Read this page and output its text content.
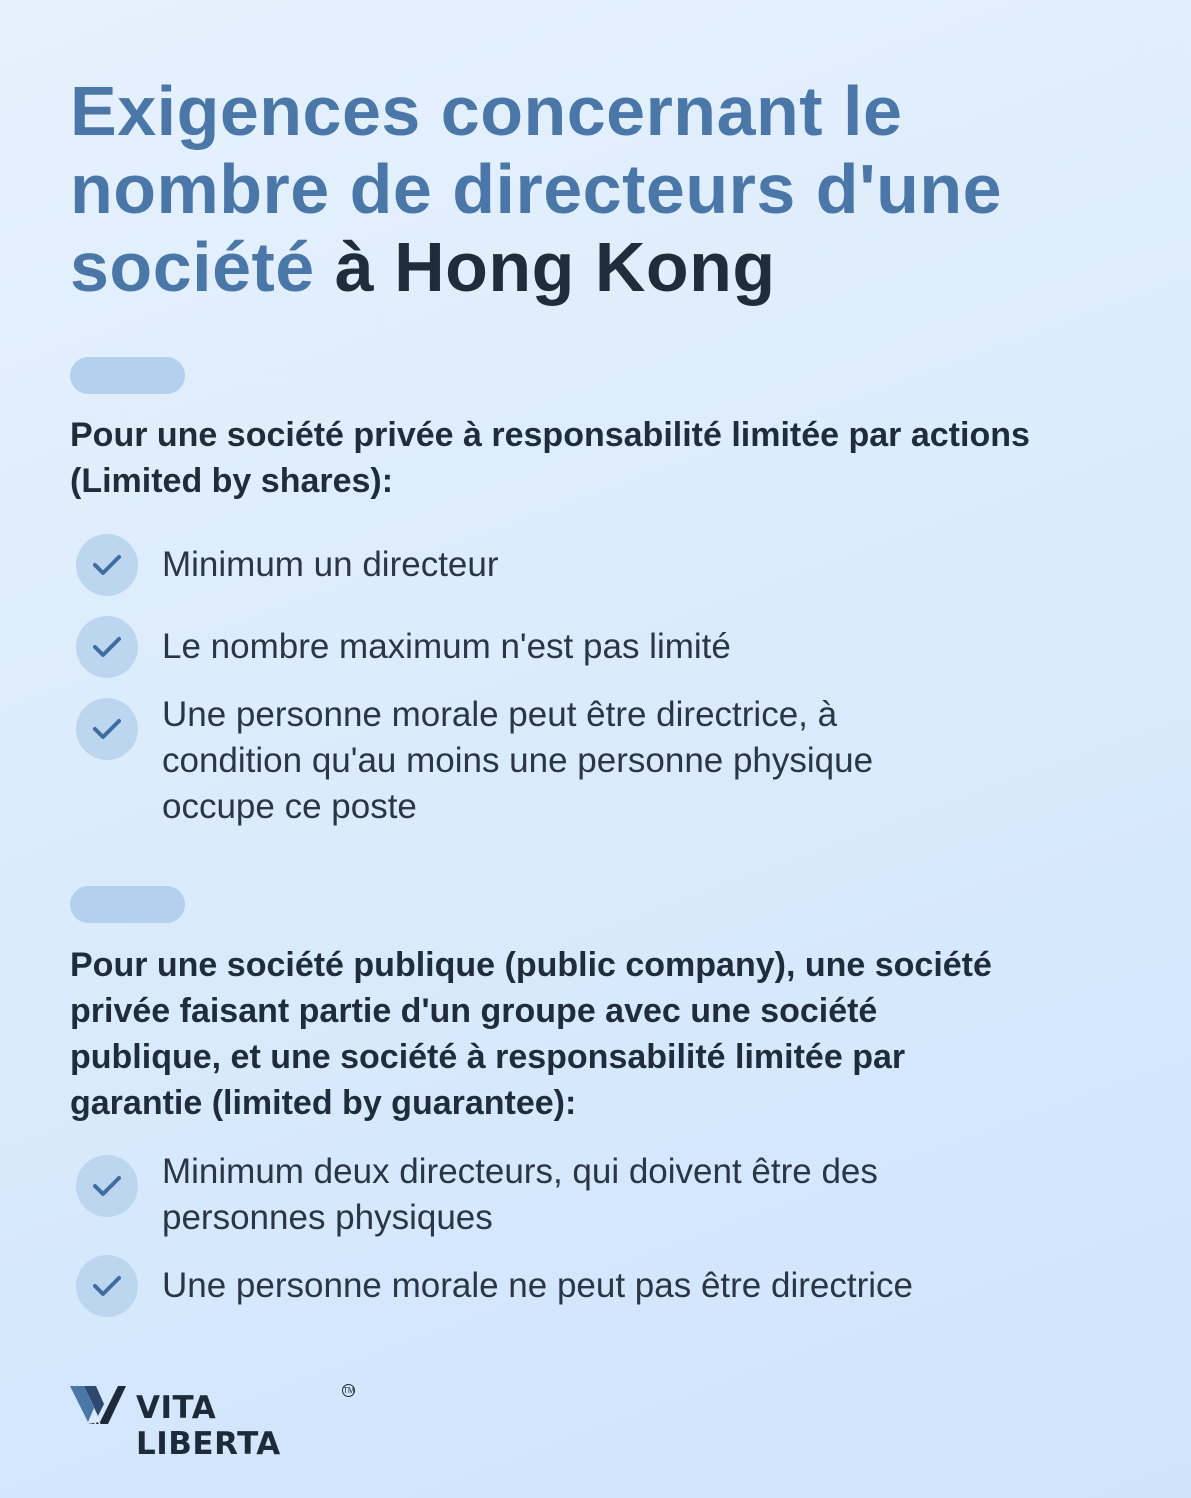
Exigences concernant le nombre de directeurs d'une société à Hong Kong
Pour une société privée à responsabilité limitée par actions (Limited by shares):
Minimum un directeur
Le nombre maximum n'est pas limité
Une personne morale peut être directrice, à condition qu'au moins une personne physique occupe ce poste
Pour une société publique (public company), une société privée faisant partie d'un groupe avec une société publique, et une société à responsabilité limitée par garantie (limited by guarantee):
Minimum deux directeurs, qui doivent être des personnes physiques
Une personne morale ne peut pas être directrice
VITA LIBERTA
TM
